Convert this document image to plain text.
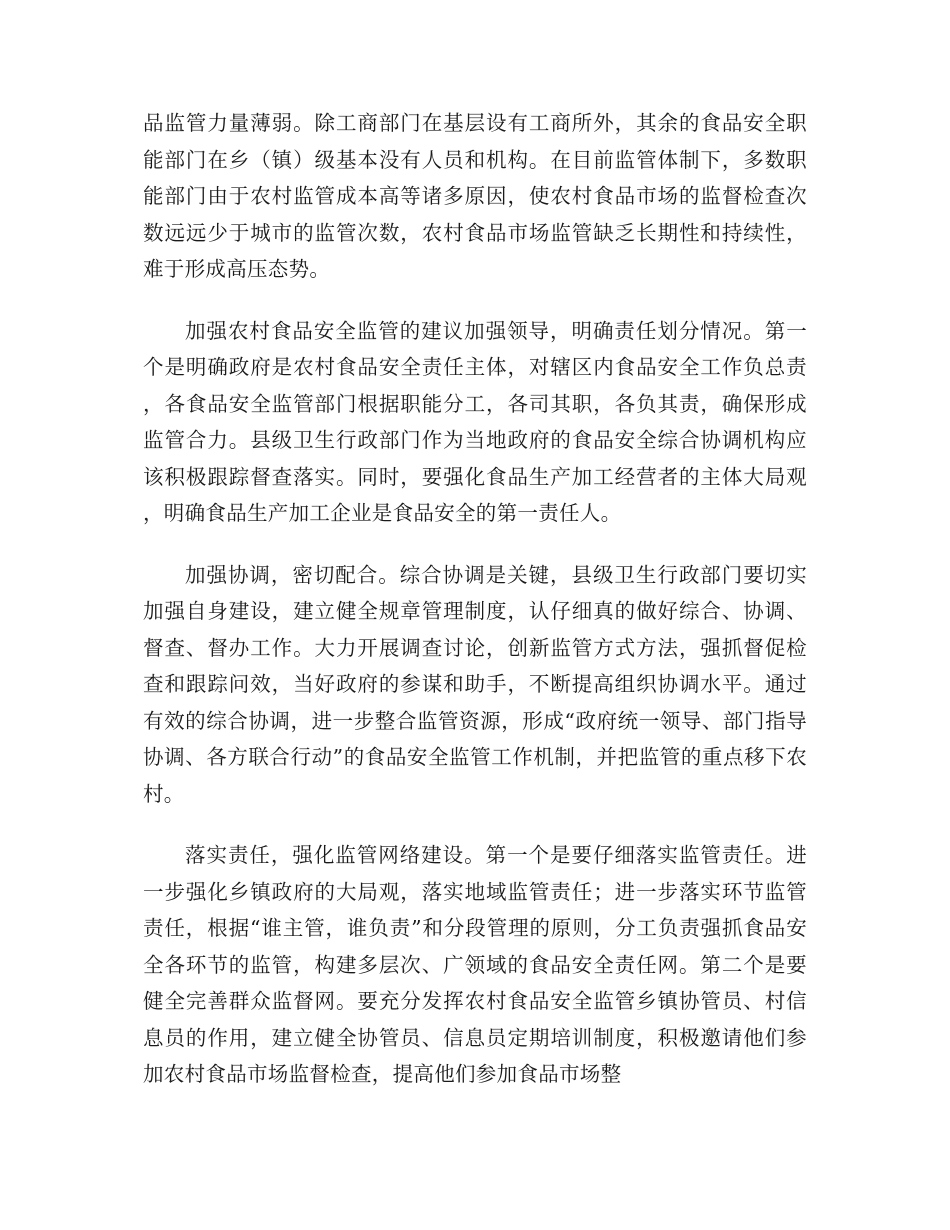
品监管力量薄弱。除工商部门在基层设有工商所外，其余的食品安全职能部门在乡（镇）级基本没有人员和机构。在目前监管体制下，多数职能部门由于农村监管成本高等诸多原因，使农村食品市场的监督检查次数远远少于城市的监管次数，农村食品市场监管缺乏长期性和持续性，难于形成高压态势。

加强农村食品安全监管的建议加强领导，明确责任划分情况。第一个是明确政府是农村食品安全责任主体，对辖区内食品安全工作负总责，各食品安全监管部门根据职能分工，各司其职，各负其责，确保形成监管合力。县级卫生行政部门作为当地政府的食品安全综合协调机构应该积极跟踪督查落实。同时，要强化食品生产加工经营者的主体大局观，明确食品生产加工企业是食品安全的第一责任人。

加强协调，密切配合。综合协调是关键，县级卫生行政部门要切实加强自身建设，建立健全规章管理制度，认仔细真的做好综合、协调、督查、督办工作。大力开展调查讨论，创新监管方式方法，强抓督促检查和跟踪问效，当好政府的参谋和助手，不断提高组织协调水平。通过有效的综合协调，进一步整合监管资源，形成“政府统一领导、部门指导协调、各方联合行动”的食品安全监管工作机制，并把监管的重点移下农村。

落实责任，强化监管网络建设。第一个是要仔细落实监管责任。进一步强化乡镇政府的大局观，落实地域监管责任；进一步落实环节监管责任，根据“谁主管，谁负责”和分段管理的原则，分工负责强抓食品安全各环节的监管，构建多层次、广领域的食品安全责任网。第二个是要健全完善群众监督网。要充分发挥农村食品安全监管乡镇协管员、村信息员的作用，建立健全协管员、信息员定期培训制度，积极邀请他们参加农村食品市场监督检查，提高他们参加食品市场整
